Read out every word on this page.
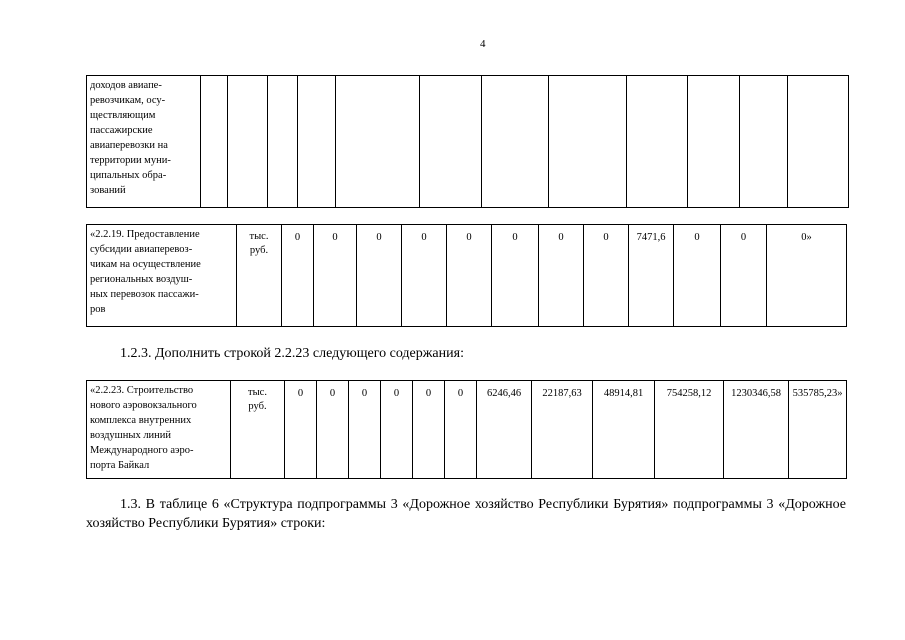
4
доходов авиапе-
ревозчикам, осу-
ществляющим
пассажирские
авиаперевозки на
территории муни-
ципальных обра-
зований

«2.2.19. Предоставление
субсидии авиаперевоз-
чикам на осуществление
региональных воздуш-
ных перевозок пассажи-
ров

тыс.
руб.
	0	0	0	0	0	0	0	0	7471,6	0	0	0»
1.2.3. Дополнить строкой 2.2.23 следующего содержания:
«2.2.23. Строительство
нового аэровокзального
комплекса внутренних
воздушных линий
Международного аэро-
порта Байкал

тыс.
руб.
	0	0	0	0	0	0	6246,46	22187,63	48914,81	754258,12	1230346,58	535785,23»
1.3. В таблице 6 «Структура подпрограммы 3 «Дорожное хозяйство Республики Бурятия» подпрограммы 3 «Дорожное хозяйство Республики Бурятия» строки:
